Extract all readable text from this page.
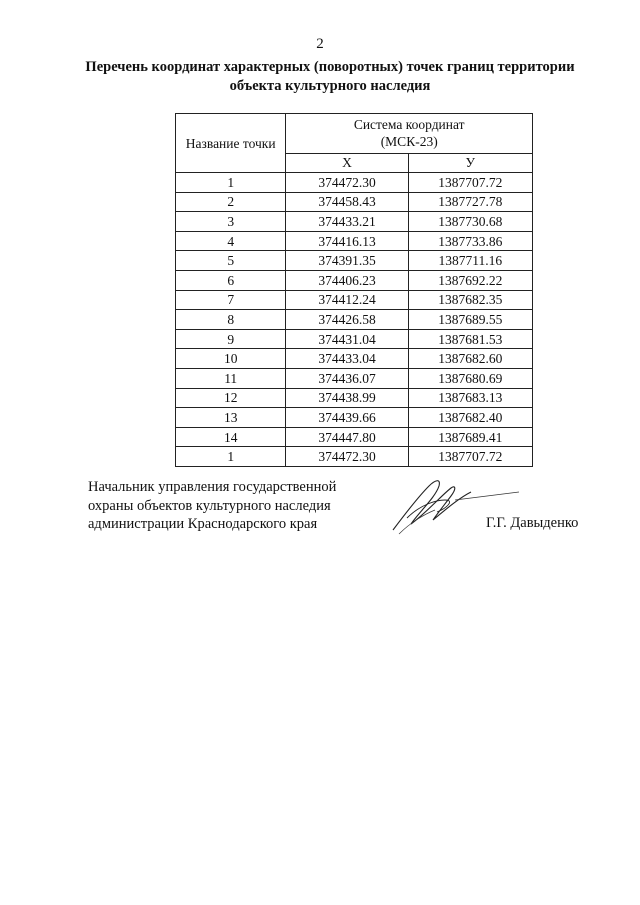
2
Перечень координат характерных (поворотных) точек границ территории
объекта культурного наследия
Название точки	Система координат
(МСК-23)	

	Х	У
1	374472.30	1387707.72
2	374458.43	1387727.78
3	374433.21	1387730.68
4	374416.13	1387733.86
5	374391.35	1387711.16
6	374406.23	1387692.22
7	374412.24	1387682.35
8	374426.58	1387689.55
9	374431.04	1387681.53
10	374433.04	1387682.60
11	374436.07	1387680.69
12	374438.99	1387683.13
13	374439.66	1387682.40
14	374447.80	1387689.41
1	374472.30	1387707.72
Начальник управления государственной
охраны объектов культурного наследия
администрации Краснодарского края	Г.Г. Давыденко
